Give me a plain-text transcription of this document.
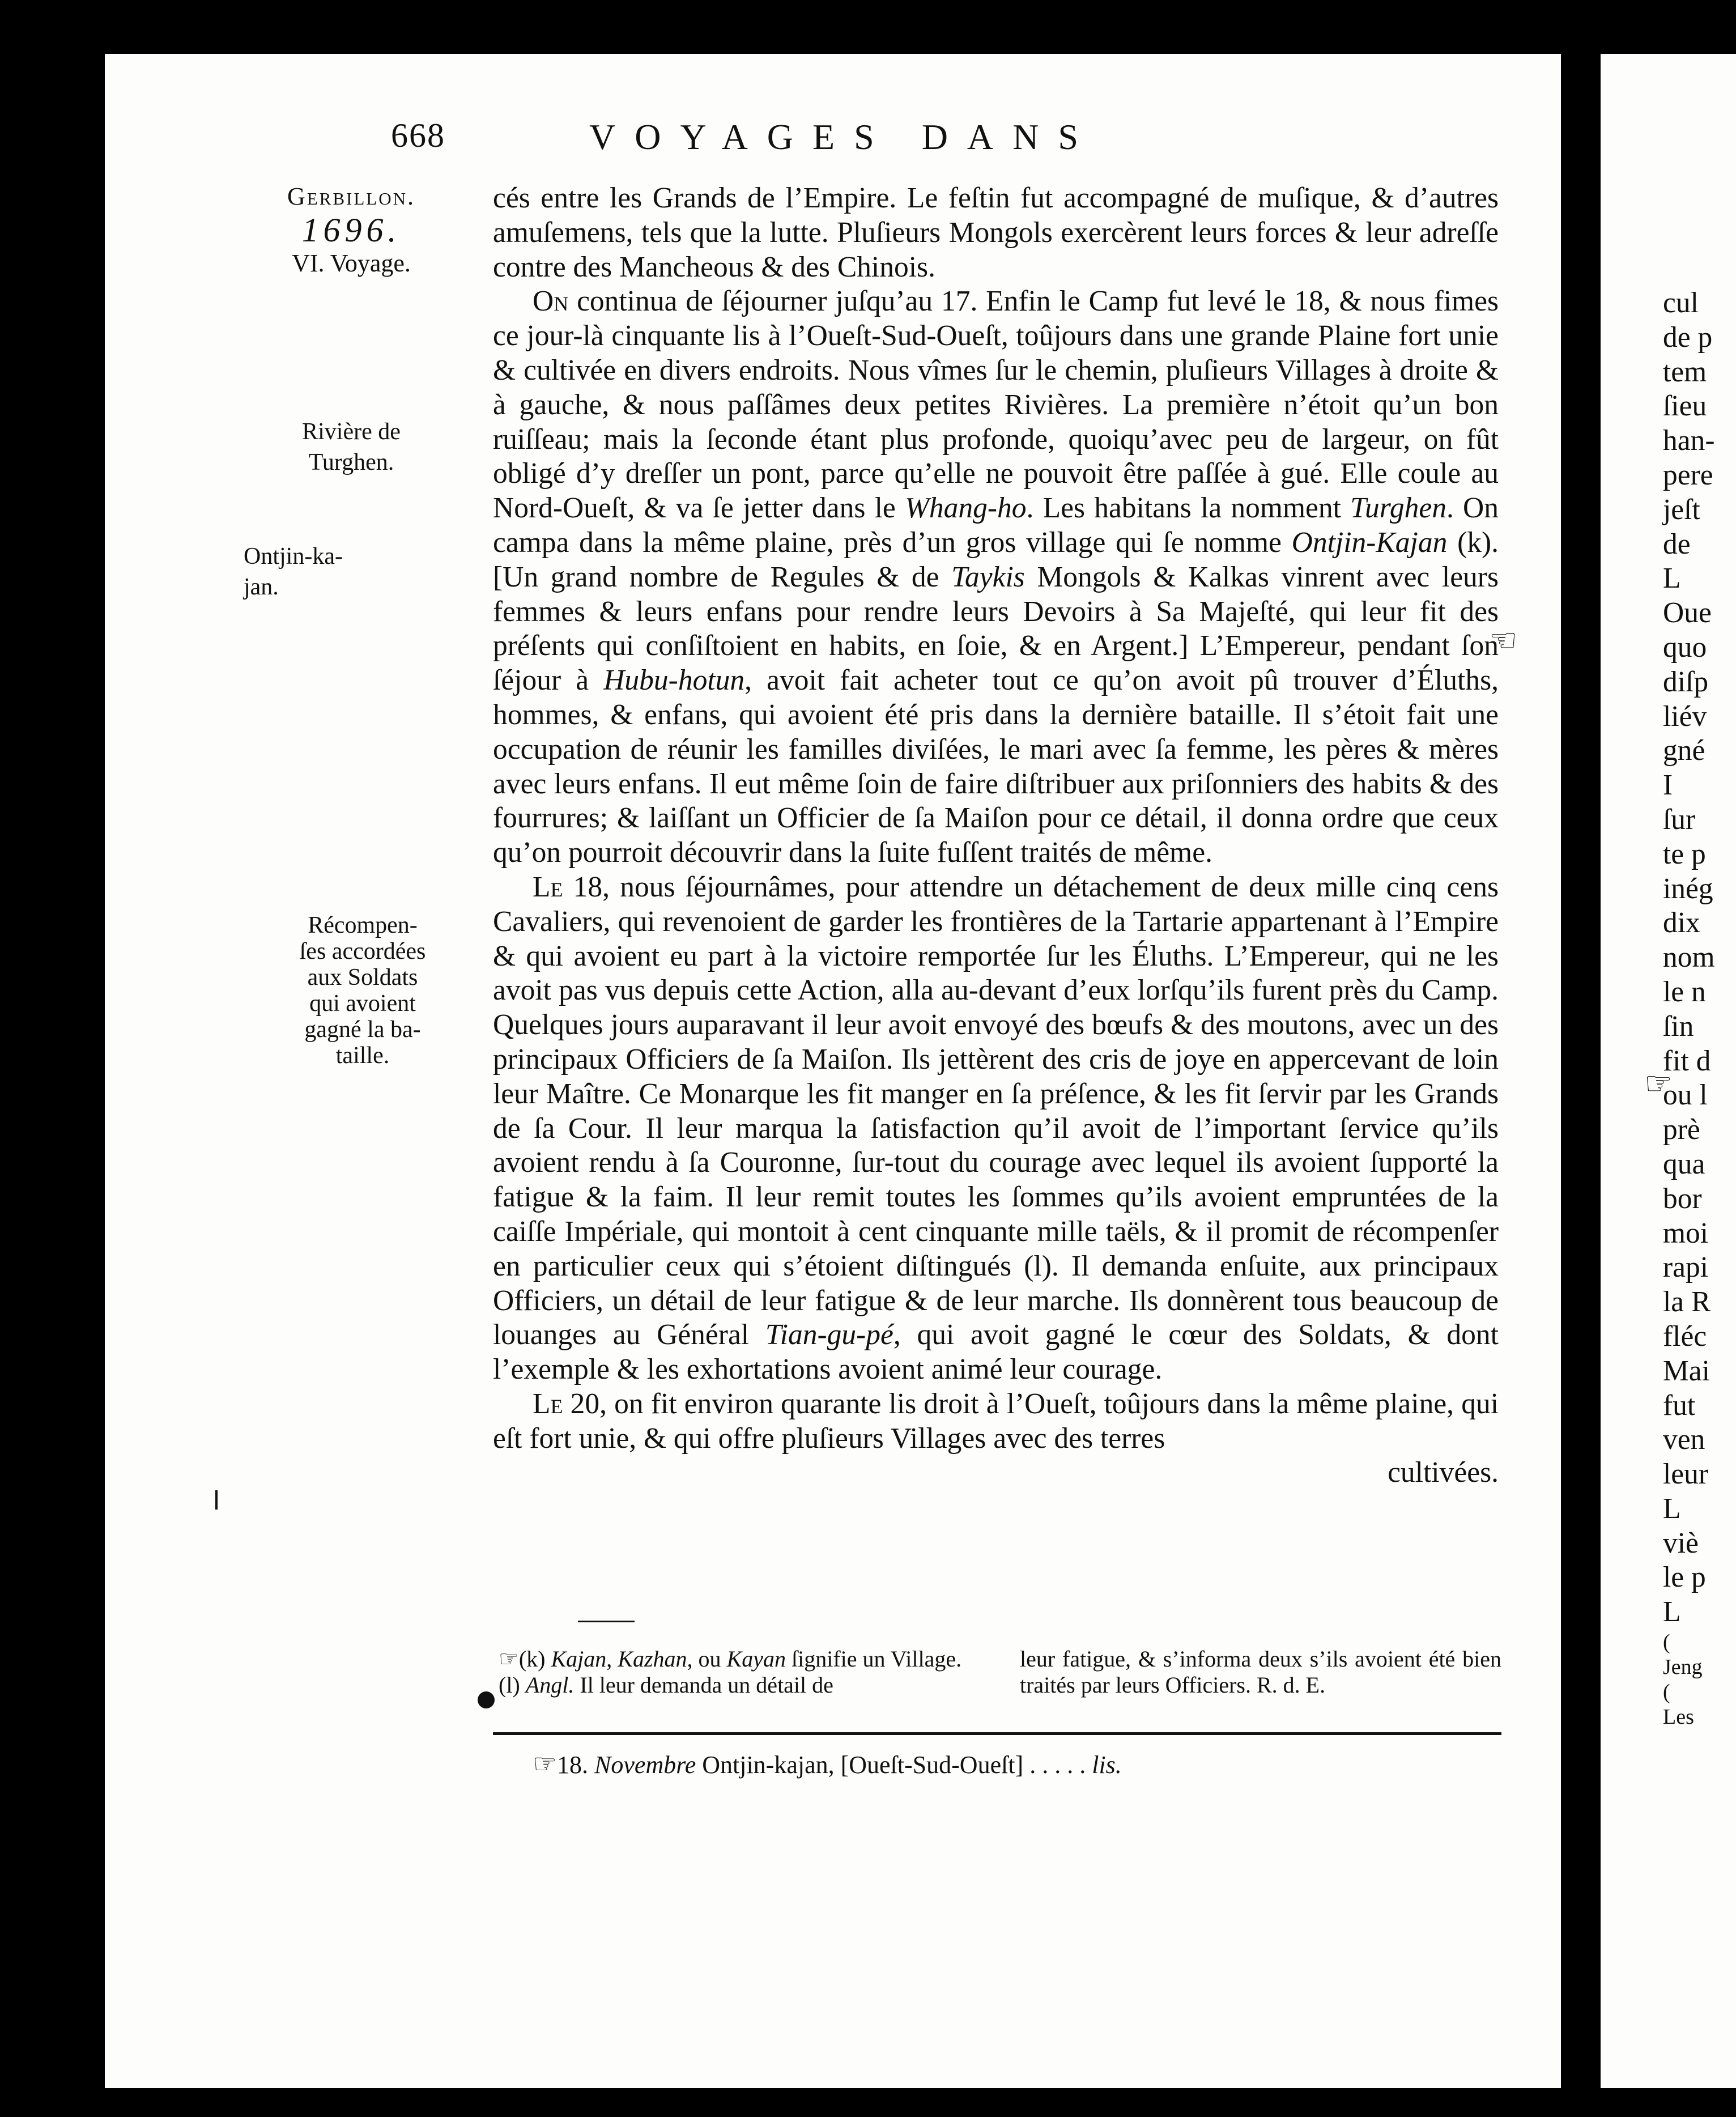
cul
de p
tem
ſieu
han-
pere
jeſt
de
L
Oue
quo
diſp
liév
gné
I
ſur
te p
inég
dix
nom
le n
ſin
fit d
ou l
prè
qua
bor
moi
rapi
la R
fléc
Mai
fut
ven
leur
L
viè
le p
L
(
Jeng
(
Les
668	VOYAGES DANS
Gerbillon.
1696.
VI. Voyage.
Rivière de
Turghen.
Ontjin-ka-
jan.
Récompen-
ſes accordées
aux Soldats
qui avoient
gagné la ba-
taille.

cés entre les Grands de l’Empire. Le feſtin fut accompagné de muſique, & d’autres amuſemens, tels que la lutte. Pluſieurs Mongols exercèrent leurs forces & leur adreſſe contre des Mancheous & des Chinois.

On continua de ſéjourner juſqu’au 17. Enfin le Camp fut levé le 18, & nous fimes ce jour-là cinquante lis à l’Oueſt-Sud-Oueſt, toûjours dans une grande Plaine fort unie & cultivée en divers endroits. Nous vîmes ſur le chemin, pluſieurs Villages à droite & à gauche, & nous paſſâmes deux petites Rivières. La première n’étoit qu’un bon ruiſſeau; mais la ſeconde étant plus profonde, quoiqu’avec peu de largeur, on fût obligé d’y dreſſer un pont, parce qu’elle ne pouvoit être paſſée à gué. Elle coule au Nord-Oueſt, & va ſe jetter dans le Whang-ho. Les habitans la nomment Turghen. On campa dans la même plaine, près d’un gros village qui ſe nomme Ontjin-Kajan (k). [Un grand nombre de Regules & de Taykis Mongols & Kalkas vinrent avec leurs femmes & leurs enfans pour rendre leurs Devoirs à Sa Majeſté, qui leur fit des préſents qui conſiſtoient en habits, en ſoie, & en Argent.] L’Empereur, pendant ſon ſéjour à Hubu-hotun, avoit fait acheter tout ce qu’on avoit pû trouver d’Éluths, hommes, & enfans, qui avoient été pris dans la dernière bataille. Il s’étoit fait une occupation de réunir les familles diviſées, le mari avec ſa femme, les pères & mères avec leurs enfans. Il eut même ſoin de faire diſtribuer aux priſonniers des habits & des fourrures; & laiſſant un Officier de ſa Maiſon pour ce détail, il donna ordre que ceux qu’on pourroit découvrir dans la ſuite fuſſent traités de même.

Le 18, nous ſéjournâmes, pour attendre un détachement de deux mille cinq cens Cavaliers, qui revenoient de garder les frontières de la Tartarie appartenant à l’Empire & qui avoient eu part à la victoire remportée ſur les Éluths. L’Empereur, qui ne les avoit pas vus depuis cette Action, alla au-devant d’eux lorſqu’ils furent près du Camp. Quelques jours auparavant il leur avoit envoyé des bœufs & des moutons, avec un des principaux Officiers de ſa Maiſon. Ils jettèrent des cris de joye en appercevant de loin leur Maître. Ce Monarque les fit manger en ſa préſence, & les fit ſervir par les Grands de ſa Cour. Il leur marqua la ſatisfaction qu’il avoit de l’important ſervice qu’ils avoient rendu à ſa Couronne, ſur-tout du courage avec lequel ils avoient ſupporté la fatigue & la faim. Il leur remit toutes les ſommes qu’ils avoient empruntées de la caiſſe Impériale, qui montoit à cent cinquante mille taëls, & il promit de récompenſer en particulier ceux qui s’étoient diſtingués (l). Il demanda enſuite, aux principaux Officiers, un détail de leur fatigue & de leur marche. Ils donnèrent tous beaucoup de louanges au Général Tian-gu-pé, qui avoit gagné le cœur des Soldats, & dont l’exemple & les exhortations avoient animé leur courage.

Le 20, on fit environ quarante lis droit à l’Oueſt, toûjours dans la même plaine, qui eſt fort unie, & qui offre pluſieurs Villages avec des terres

cultivées.

☞(k) Kajan, Kazhan, ou Kayan ſignifie un Village.

(l) Angl. Il leur demanda un détail de

leur fatigue, & s’informa deux s’ils avoient été bien traités par leurs Officiers. R. d. E.

☞18. Novembre Ontjin-kajan, [Oueſt-Sud-Oueſt] . . . . . lis.
☜
☞
